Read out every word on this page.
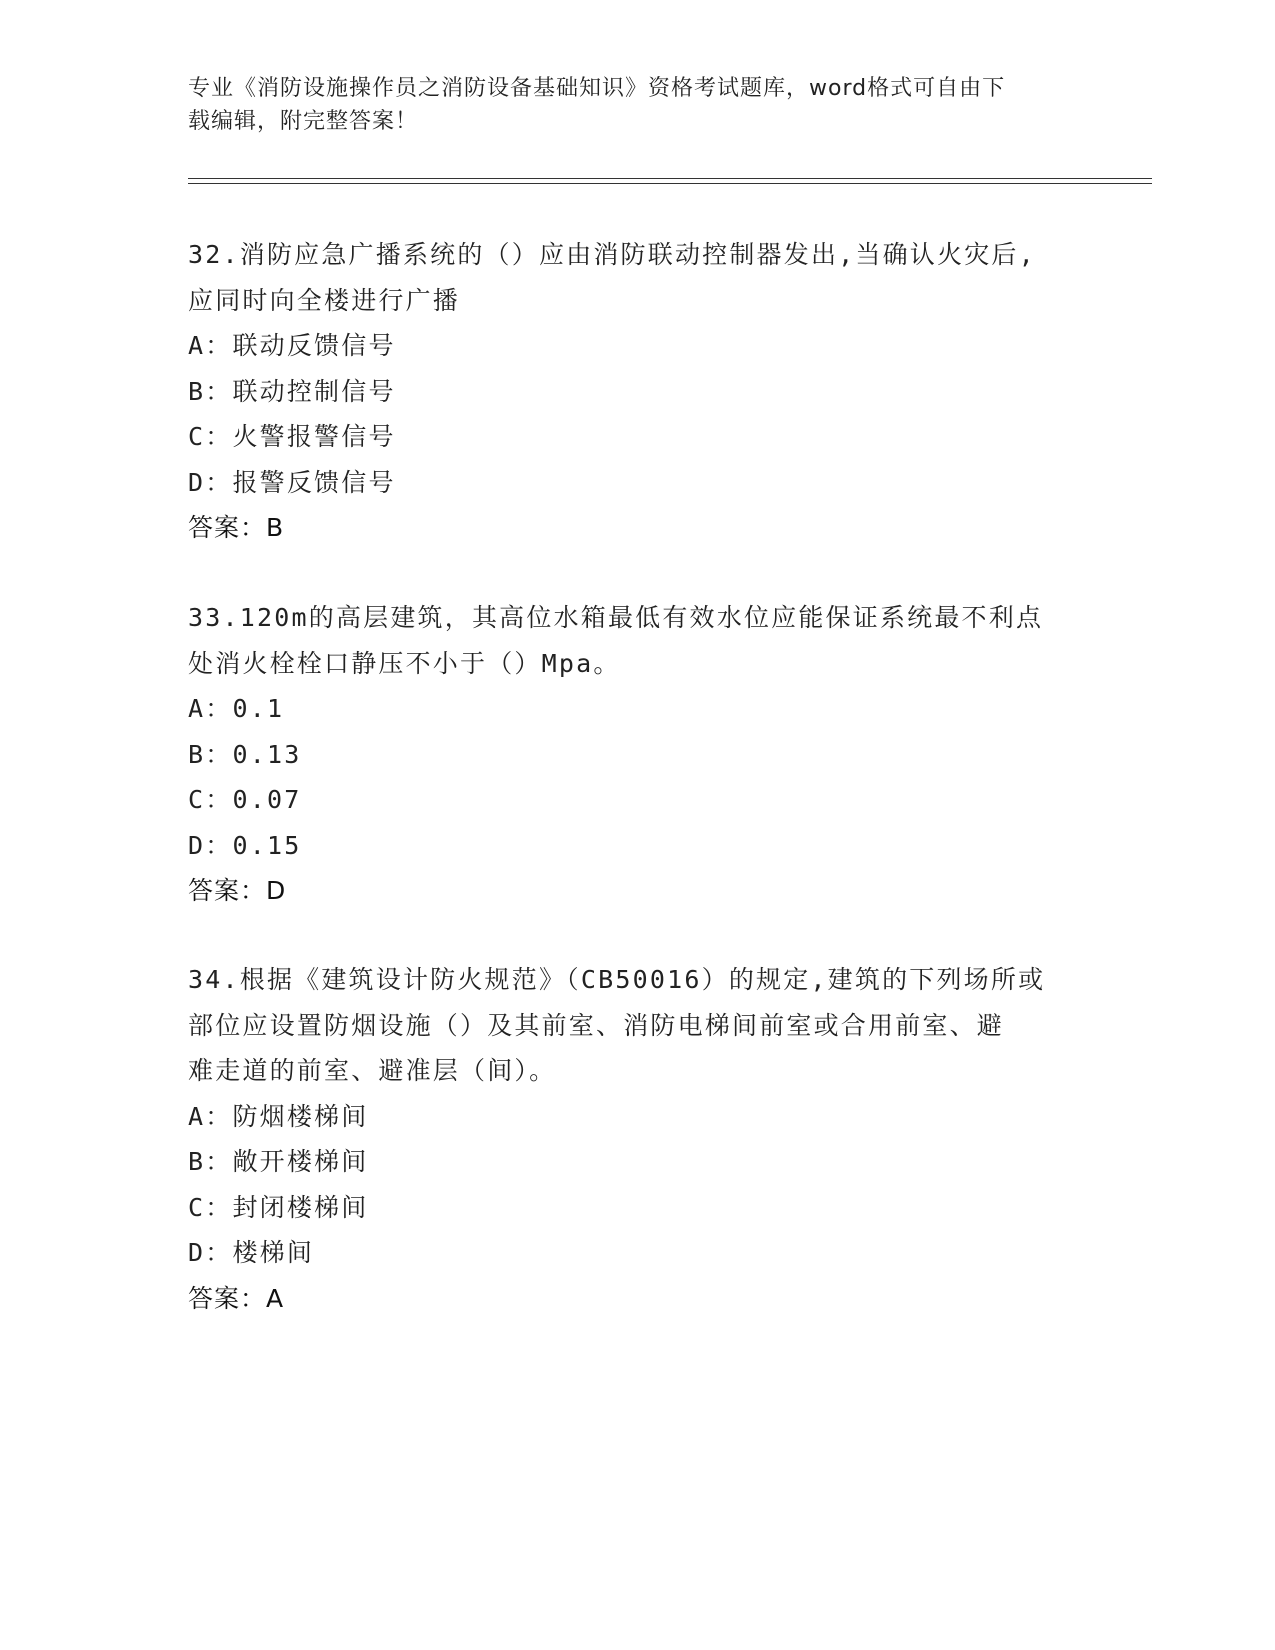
专业《消防设施操作员之消防设备基础知识》资格考试题库，word格式可自由下
载编辑，附完整答案！
32.消防应急广播系统的（）应由消防联动控制器发出,当确认火灾后,
应同时向全楼进行广播
A：联动反馈信号
B：联动控制信号
C：火警报警信号
D：报警反馈信号
答案：B
33.120m的高层建筑，其高位水箱最低有效水位应能保证系统最不利点
处消火栓栓口静压不小于（）Mpa。
A：0.1
B：0.13
C：0.07
D：0.15
答案：D
34.根据《建筑设计防火规范》（CB50016）的规定,建筑的下列场所或
部位应设置防烟设施（）及其前室、消防电梯间前室或合用前室、避
难走道的前室、避准层（间）。
A：防烟楼梯间
B：敞开楼梯间
C：封闭楼梯间
D：楼梯间
答案：A
